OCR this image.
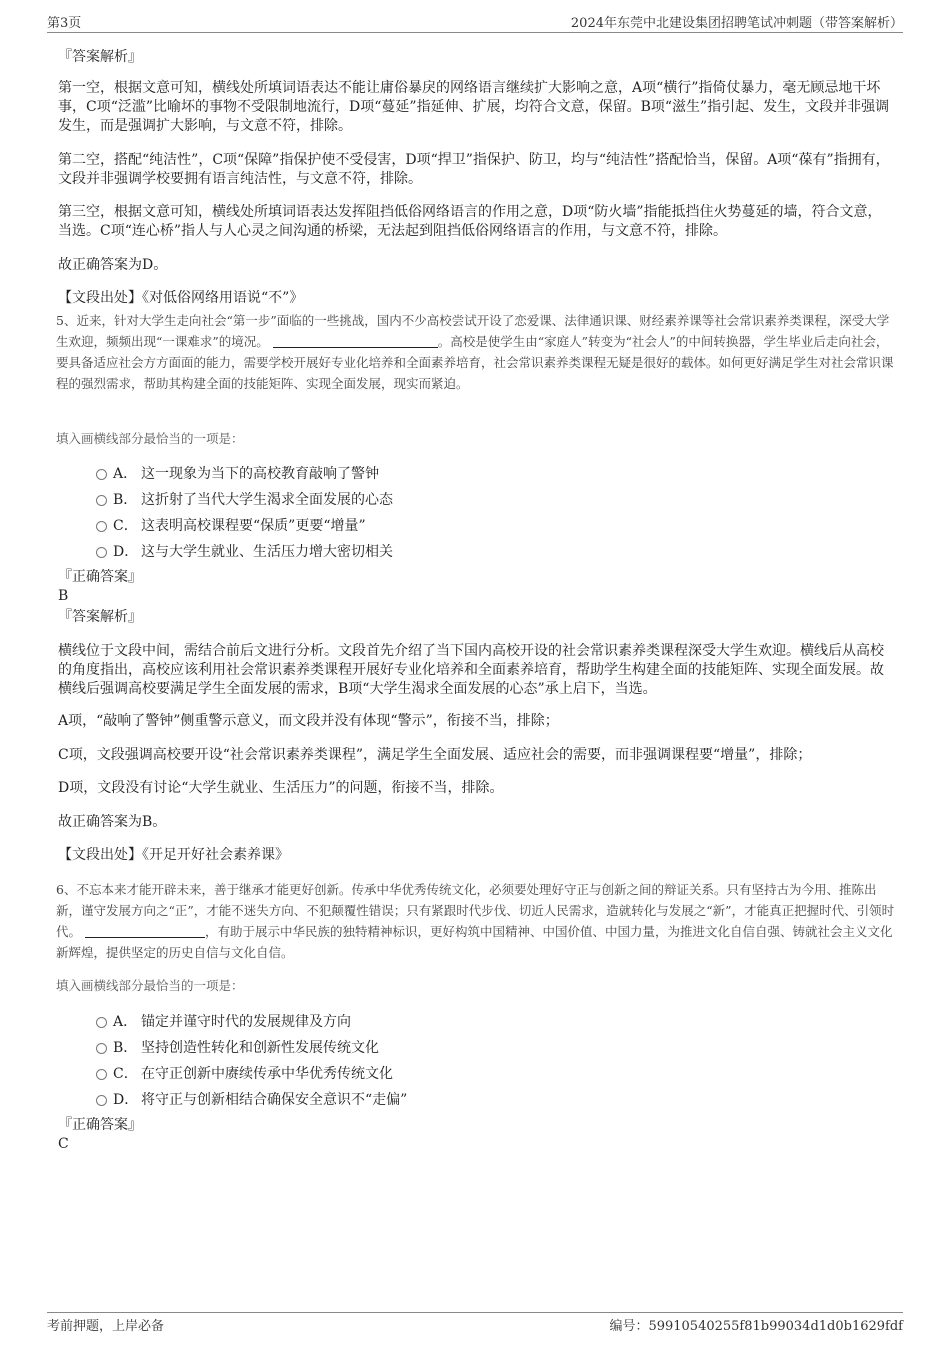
第3页	2024年东莞中北建设集团招聘笔试冲刺题（带答案解析）
『答案解析』
第一空，根据文意可知，横线处所填词语表达不能让庸俗暴戾的网络语言继续扩大影响之意，A项“横行”指倚仗暴力，毫无顾忌地干坏事，C项“泛滥”比喻坏的事物不受限制地流行，D项“蔓延”指延伸、扩展，均符合文意，保留。B项“滋生”指引起、发生，文段并非强调发生，而是强调扩大影响，与文意不符，排除。
第二空，搭配“纯洁性”，C项“保障”指保护使不受侵害，D项“捍卫”指保护、防卫，均与“纯洁性”搭配恰当，保留。A项“葆有”指拥有，文段并非强调学校要拥有语言纯洁性，与文意不符，排除。
第三空，根据文意可知，横线处所填词语表达发挥阻挡低俗网络语言的作用之意，D项“防火墙”指能抵挡住火势蔓延的墙，符合文意，当选。C项“连心桥”指人与人心灵之间沟通的桥梁，无法起到阻挡低俗网络语言的作用，与文意不符，排除。
故正确答案为D。
【文段出处】《对低俗网络用语说“不”》
5、近来，针对大学生走向社会“第一步”面临的一些挑战，国内不少高校尝试开设了恋爱课、法律通识课、财经素养课等社会常识素养类课程，深受大学生欢迎，频频出现“一课难求”的境况。	。高校是使学生由“家庭人”转变为“社会人”的中间转换器，学生毕业后走向社会，要具备适应社会方方面面的能力，需要学校开展好专业化培养和全面素养培育，社会常识素养类课程无疑是很好的载体。如何更好满足学生对社会常识课程的强烈需求，帮助其构建全面的技能矩阵、实现全面发展，现实而紧迫。
填入画横线部分最恰当的一项是：
A． 这一现象为当下的高校教育敲响了警钟
B． 这折射了当代大学生渴求全面发展的心态
C． 这表明高校课程要“保质”更要“增量”
D． 这与大学生就业、生活压力增大密切相关
『正确答案』
B
『答案解析』
横线位于文段中间，需结合前后文进行分析。文段首先介绍了当下国内高校开设的社会常识素养类课程深受大学生欢迎。横线后从高校的角度指出，高校应该利用社会常识素养类课程开展好专业化培养和全面素养培育，帮助学生构建全面的技能矩阵、实现全面发展。故横线后强调高校要满足学生全面发展的需求，B项“大学生渴求全面发展的心态”承上启下，当选。
A项，“敲响了警钟”侧重警示意义，而文段并没有体现“警示”，衔接不当，排除；
C项，文段强调高校要开设“社会常识素养类课程”，满足学生全面发展、适应社会的需要，而非强调课程要“增量”，排除；
D项，文段没有讨论“大学生就业、生活压力”的问题，衔接不当，排除。
故正确答案为B。
【文段出处】《开足开好社会素养课》
6、不忘本来才能开辟未来，善于继承才能更好创新。传承中华优秀传统文化，必须要处理好守正与创新之间的辩证关系。只有坚持古为今用、推陈出新，谨守发展方向之“正”，才能不迷失方向、不犯颠覆性错误；只有紧跟时代步伐、切近人民需求，造就转化与发展之“新”，才能真正把握时代、引领时代。	，有助于展示中华民族的独特精神标识，更好构筑中国精神、中国价值、中国力量，为推进文化自信自强、铸就社会主义文化新辉煌，提供坚定的历史自信与文化自信。
填入画横线部分最恰当的一项是：
A． 锚定并谨守时代的发展规律及方向
B． 坚持创造性转化和创新性发展传统文化
C． 在守正创新中赓续传承中华优秀传统文化
D． 将守正与创新相结合确保安全意识不“走偏”
『正确答案』
C
考前押题，上岸必备	编号：59910540255f81b99034d1d0b1629fdf
